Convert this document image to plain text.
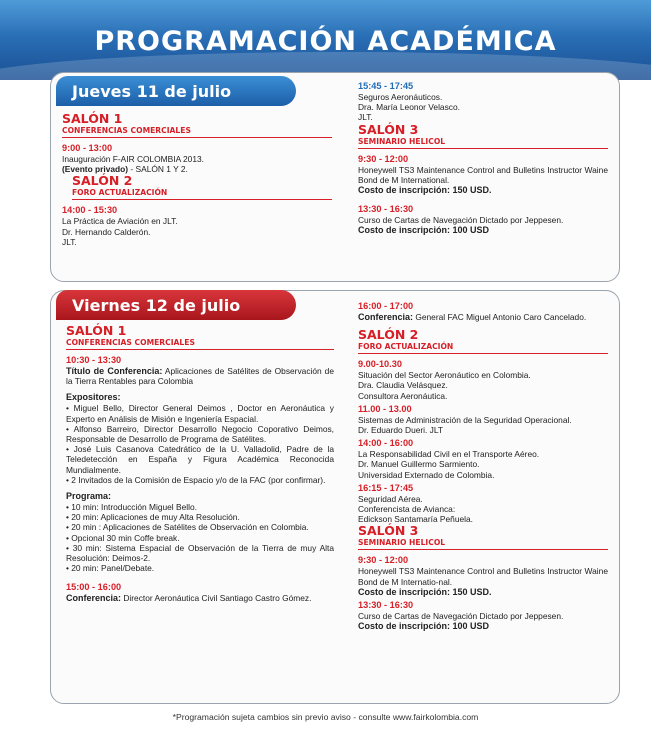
PROGRAMACIÓN ACADÉMICA
Jueves 11 de julio
SALÓN 1
CONFERENCIAS COMERCIALES
9:00 - 13:00

Inauguración F-AIR COLOMBIA 2013.

(Evento privado) - SALÓN 1 Y 2.

SALÓN 2
FORO ACTUALIZACIÓN
14:00 - 15:30

La Práctica de Aviación en JLT.

Dr. Hernando Calderón.

JLT.

15:45 - 17:45

Seguros Aeronáuticos.

Dra. María Leonor Velasco.

JLT.

SALÓN 3
SEMINARIO HELICOL
9:30 - 12:00

Honeywell TS3 Maintenance Control and Bulletins Instructor Waine Bond de M International.

Costo de inscripción: 150 USD.

13:30 - 16:30

Curso de Cartas de Navegación Dictado por Jeppesen.

Costo de inscripción: 100 USD

Viernes 12 de julio
SALÓN 1
CONFERENCIAS COMERCIALES
10:30 - 13:30

Título de Conferencia: Aplicaciones de Satélites de Observación de la Tierra Rentables para Colombia

Expositores:

• Miguel Bello, Director General Deimos , Doctor en Aeronáutica y Experto en Análisis de Misión e Ingeniería Espacial.

• Alfonso Barreiro, Director Desarrollo Negocio Coporativo Deimos, Responsable de Desarrollo de Programa de Satélites.

• José Luis Casanova Catedrático de la U. Valladolid, Padre de la Teledetección en España y Figura Académica Reconocida Mundialmente.

• 2 Invitados de la Comisión de Espacio y/o de la FAC (por confirmar).

Programa:

• 10 min: Introducción Miguel Bello.

• 20 min: Aplicaciones de muy Alta Resolución.

• 20 min : Aplicaciones de Satélites de Observación en Colombia.

• Opcional 30 min Coffe break.

• 30 min: Sistema Espacial de Observación de la Tierra de muy Alta Resolución: Deimos-2.

• 20 min: Panel/Debate.

15:00 - 16:00

Conferencia: Director Aeronáutica Civil Santiago Castro Gómez.

16:00 - 17:00

Conferencia: General FAC Miguel Antonio Caro Cancelado.

SALÓN 2
FORO ACTUALIZACIÓN
9.00-10.30

Situación del Sector Aeronáutico en Colombia.

Dra. Claudia Velásquez.

Consultora Aeronáutica.

11.00 - 13.00

Sistemas de Administración de la Seguridad Operacional.

Dr. Eduardo Dueri. JLT

14:00 - 16:00

La Responsabilidad Civil en el Transporte Aéreo.

Dr. Manuel Guillermo Sarmiento.

Universidad Externado de Colombia.

16:15 - 17:45

Seguridad Aérea.

Conferencista de Avianca:

Edickson Santamaría Peñuela.

SALÓN 3
SEMINARIO HELICOL
9:30 - 12:00

Honeywell TS3 Maintenance Control and Bulletins Instructor Waine Bond de M Internatio-nal.

Costo de inscripción: 150 USD.

13:30 - 16:30

Curso de Cartas de Navegación Dictado por Jeppesen.

Costo de inscripción: 100 USD

*Programación sujeta cambios sin previo aviso - consulte www.fairkolombia.com
